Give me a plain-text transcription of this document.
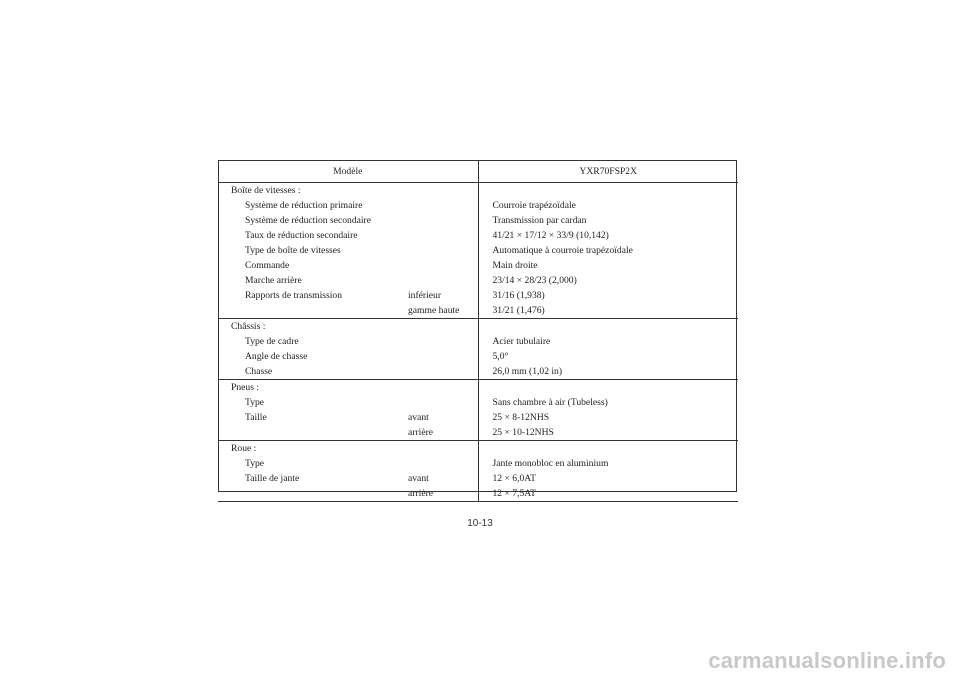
Modèle		YXR70FSP2X
Boîte de vitesses :		
Système de réduction primaire		Courroie trapézoïdale
Système de réduction secondaire		Transmission par cardan
Taux de réduction secondaire		41/21 × 17/12 × 33/9 (10,142)
Type de boîte de vitesses		Automatique à courroie trapézoïdale
Commande		Main droite
Marche arrière		23/14 × 28/23 (2,000)
Rapports de transmission	inférieur	31/16 (1,938)
	gamme haute	31/21 (1,476)
Châssis :		
Type de cadre		Acier tubulaire
Angle de chasse		5,0°
Chasse		26,0 mm (1,02 in)
Pneus :		
Type		Sans chambre à air (Tubeless)
Taille	avant	25 × 8-12NHS
	arrière	25 × 10-12NHS
Roue :		
Type		Jante monobloc en aluminium
Taille de jante	avant	12 × 6,0AT
	arrière	12 × 7,5AT
10-13
carmanualsonline.info
